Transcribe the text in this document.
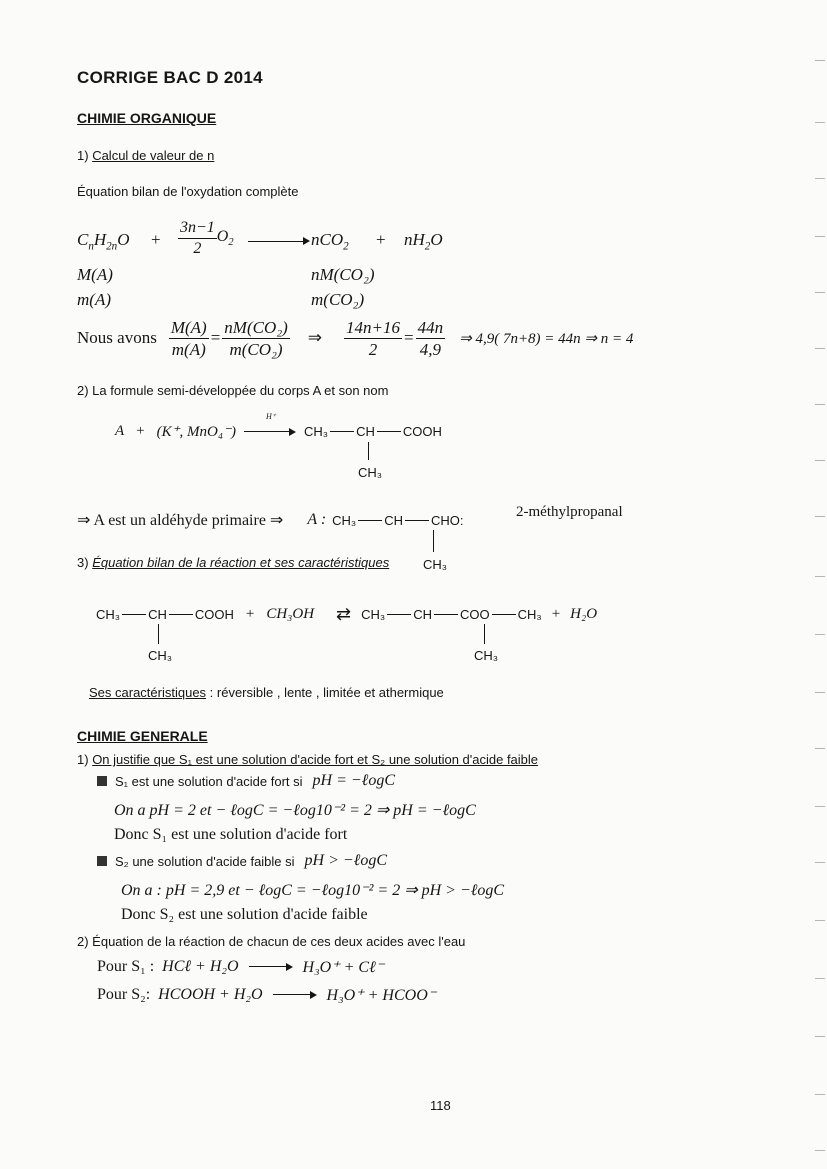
CORRIGE BAC D 2014
CHIMIE ORGANIQUE
1) Calcul de valeur de n
Équation bilan de l'oxydation complète
$C_nH_{2n}O + \frac{3n-1}{2} O_2$	$nCO_2 + nH_2O$
M(A)	nM(CO₂)
m(A)	m(CO₂)
Nous avons $\frac{M(A)}{m(A)} = \frac{\text{nM(CO₂)}}{\text{m(CO₂)}}$ ⇒ $\frac{14n+16}{2} = \frac{44n}{4,9}$ ⇒ 4,9( 7n+8) = 44n ⇒ n = 4
2) La formule semi-développée du corps A et son nom
A + (K⁺, MnO₄⁻)
H⁺
CH₃ CH COOH
CH₃
⇒ A est un aldéhyde primaire ⇒ A : CH₃ CH CHO:	2-méthylpropanal
3) Équation bilan de la réaction et ses caractéristiques	CH₃
CH₃ CH COOH + CH₃OH ⇄ CH₃ CH COO CH₃ + H₂O
CH₃	CH₃
Ses caractéristiques : réversible , lente , limitée et athermique
CHIMIE GENERALE
1) On justifie que S₁ est une solution d'acide fort et S₂ une solution d'acide faible
S₁ est une solution d'acide fort si pH = −ℓogC
On a pH = 2 et − ℓogC = −ℓog10⁻² = 2 ⇒ pH = −ℓogC
Donc S₁ est une solution d'acide fort
S₂ une solution d'acide faible si pH > −ℓogC
On a : pH = 2,9 et − ℓogC = −ℓog10⁻² = 2 ⇒ pH > −ℓogC
Donc S₂ est une solution d'acide faible
2) Équation de la réaction de chacun de ces deux acides avec l'eau
Pour S₁ : HCℓ + H₂O	H₃O⁺ + Cℓ⁻
Pour S₂: HCOOH + H₂O	H₃O⁺ + HCOO⁻
118
